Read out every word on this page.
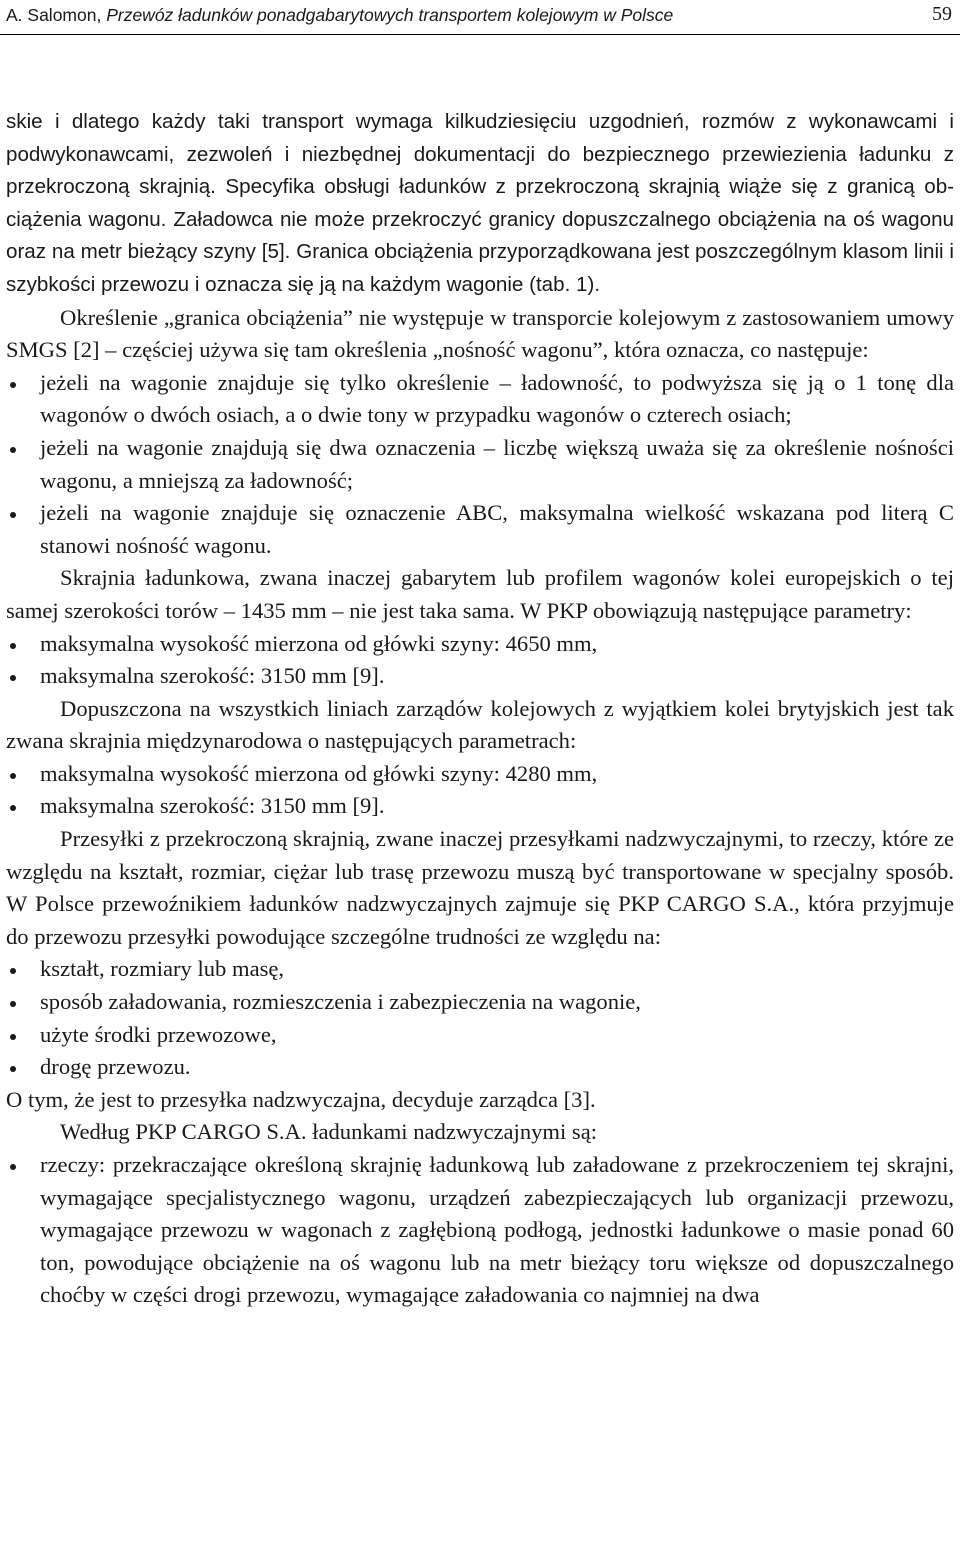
A. Salomon, Przewóz ładunków ponadgabarytowych transportem kolejowym w Polsce	59

skie i dlatego każdy taki transport wymaga kilkudziesięciu uzgodnień, rozmów z wykonawcami i podwykonawcami, zezwoleń i niezbędnej dokumentacji do bezpiecznego przewiezienia ładunku z przekroczoną skrajnią. Specyfika obsługi ładunków z przekroczoną skrajnią wiąże się z granicą obciążenia wagonu. Załadowca nie może przekroczyć granicy dopuszczalnego obciążenia na oś wagonu oraz na metr bieżący szyny [5]. Granica obciążenia przyporządkowana jest poszczególnym klasom linii i szybkości przewozu i oznacza się ją na każdym wagonie (tab. 1).

Określenie „granica obciążenia” nie występuje w transporcie kolejowym z zastosowaniem umowy SMGS [2] – częściej używa się tam określenia „nośność wagonu”, która oznacza, co następuje:

jeżeli na wagonie znajduje się tylko określenie – ładowność, to podwyższa się ją o 1 tonę dla wagonów o dwóch osiach, a o dwie tony w przypadku wagonów o czterech osiach;
jeżeli na wagonie znajdują się dwa oznaczenia – liczbę większą uważa się za określenie nośności wagonu, a mniejszą za ładowność;
jeżeli na wagonie znajduje się oznaczenie ABC, maksymalna wielkość wskazana pod literą C stanowi nośność wagonu.

Skrajnia ładunkowa, zwana inaczej gabarytem lub profilem wagonów kolei europejskich o tej samej szerokości torów – 1435 mm – nie jest taka sama. W PKP obowiązują następujące parametry:

maksymalna wysokość mierzona od główki szyny: 4650 mm,
maksymalna szerokość: 3150 mm [9].

Dopuszczona na wszystkich liniach zarządów kolejowych z wyjątkiem kolei brytyjskich jest tak zwana skrajnia międzynarodowa o następujących parametrach:

maksymalna wysokość mierzona od główki szyny: 4280 mm,
maksymalna szerokość: 3150 mm [9].

Przesyłki z przekroczoną skrajnią, zwane inaczej przesyłkami nadzwyczajnymi, to rzeczy, które ze względu na kształt, rozmiar, ciężar lub trasę przewozu muszą być transportowane w specjalny sposób. W Polsce przewoźnikiem ładunków nadzwyczajnych zajmuje się PKP CARGO S.A., która przyjmuje do przewozu przesyłki powodujące szczególne trudności ze względu na:

kształt, rozmiary lub masę,
sposób załadowania, rozmieszczenia i zabezpieczenia na wagonie,
użyte środki przewozowe,
drogę przewozu.

O tym, że jest to przesyłka nadzwyczajna, decyduje zarządca [3].

Według PKP CARGO S.A. ładunkami nadzwyczajnymi są:

rzeczy: przekraczające określoną skrajnię ładunkową lub załadowane z przekroczeniem tej skrajni, wymagające specjalistycznego wagonu, urządzeń zabezpieczających lub organizacji przewozu, wymagające przewozu w wagonach z zagłębioną podłogą, jednostki ładunkowe o masie ponad 60 ton, powodujące obciążenie na oś wagonu lub na metr bieżący toru większe od dopuszczalnego choćby w części drogi przewozu, wymagające załadowania co najmniej na dwa
